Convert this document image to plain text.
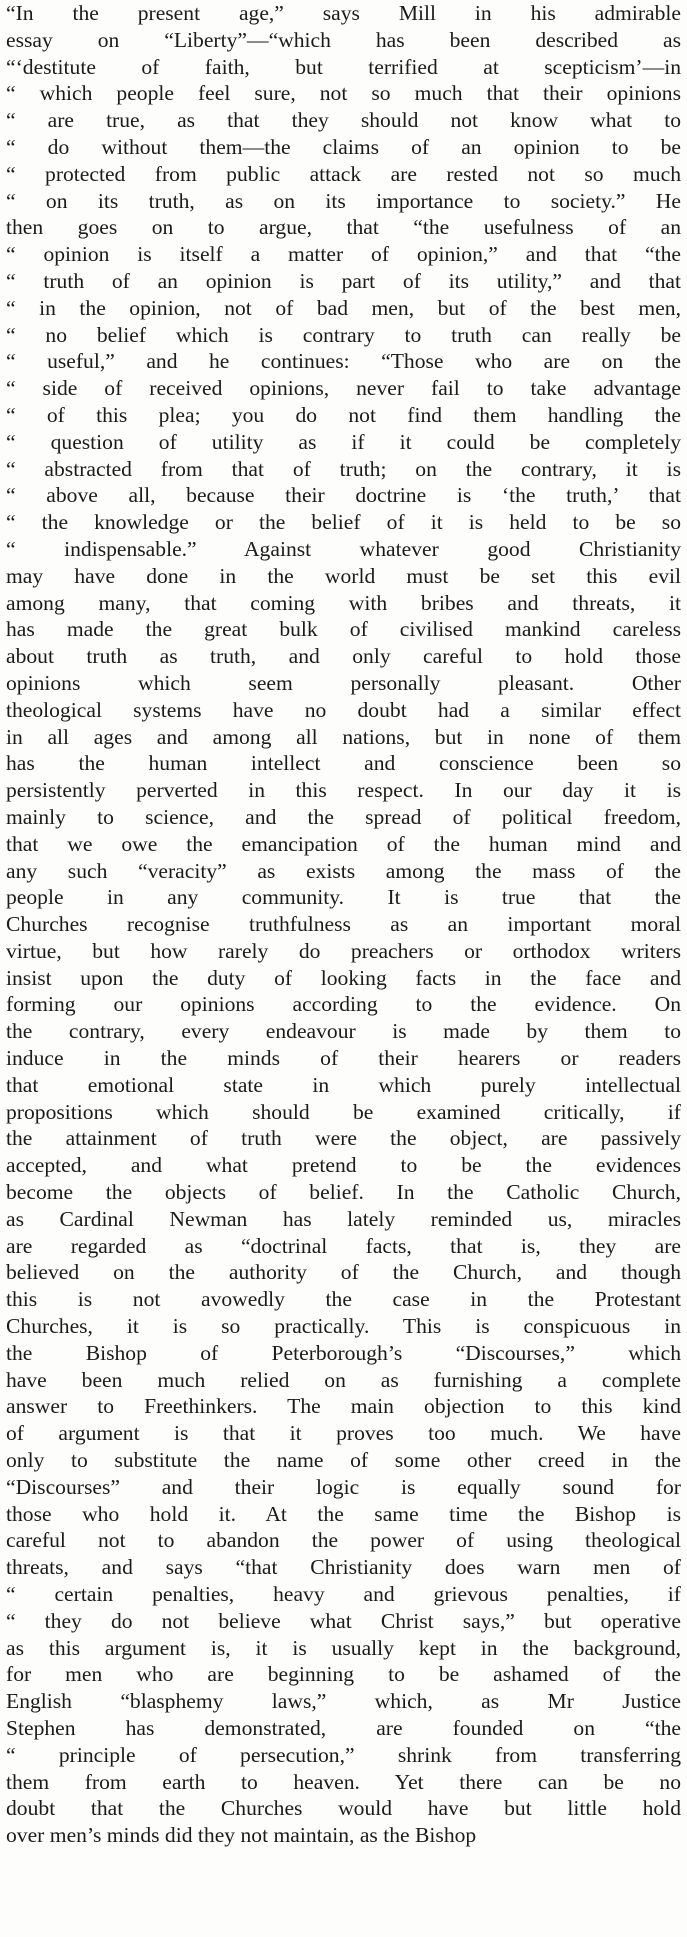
“In the present age,” says Mill in his admirable
essay on “Liberty”—“which has been described as
“‘destitute of faith, but terrified at scepticism’—in
“ which people feel sure, not so much that their opinions
“ are true, as that they should not know what to
“ do without them—the claims of an opinion to be
“ protected from public attack are rested not so much
“ on its truth, as on its importance to society.” He
then goes on to argue, that “the usefulness of an
“ opinion is itself a matter of opinion,” and that “the
“ truth of an opinion is part of its utility,” and that
“ in the opinion, not of bad men, but of the best men,
“ no belief which is contrary to truth can really be
“ useful,” and he continues: “Those who are on the
“ side of received opinions, never fail to take advantage
“ of this plea; you do not find them handling the
“ question of utility as if it could be completely
“ abstracted from that of truth; on the contrary, it is
“ above all, because their doctrine is ‘the truth,’ that
“ the knowledge or the belief of it is held to be so
“ indispensable.” Against whatever good Christianity
may have done in the world must be set this evil
among many, that coming with bribes and threats, it
has made the great bulk of civilised mankind careless
about truth as truth, and only careful to hold those
opinions which seem personally pleasant. Other
theological systems have no doubt had a similar effect
in all ages and among all nations, but in none of them
has the human intellect and conscience been so
persistently perverted in this respect. In our day it is
mainly to science, and the spread of political freedom,
that we owe the emancipation of the human mind and
any such “veracity” as exists among the mass of the
people in any community. It is true that the
Churches recognise truthfulness as an important moral
virtue, but how rarely do preachers or orthodox writers
insist upon the duty of looking facts in the face and
forming our opinions according to the evidence. On
the contrary, every endeavour is made by them to
induce in the minds of their hearers or readers
that emotional state in which purely intellectual
propositions which should be examined critically, if
the attainment of truth were the object, are passively
accepted, and what pretend to be the evidences
become the objects of belief. In the Catholic Church,
as Cardinal Newman has lately reminded us, miracles
are regarded as “doctrinal facts, that is, they are
believed on the authority of the Church, and though
this is not avowedly the case in the Protestant
Churches, it is so practically. This is conspicuous in
the Bishop of Peterborough’s “Discourses,” which
have been much relied on as furnishing a complete
answer to Freethinkers. The main objection to this kind
of argument is that it proves too much. We have
only to substitute the name of some other creed in the
“Discourses” and their logic is equally sound for
those who hold it. At the same time the Bishop is
careful not to abandon the power of using theological
threats, and says “that Christianity does warn men of
“ certain penalties, heavy and grievous penalties, if
“ they do not believe what Christ says,” but operative
as this argument is, it is usually kept in the background,
for men who are beginning to be ashamed of the
English “blasphemy laws,” which, as Mr Justice
Stephen has demonstrated, are founded on “the
“ principle of persecution,” shrink from transferring
them from earth to heaven. Yet there can be no
doubt that the Churches would have but little hold
over men’s minds did they not maintain, as the Bishop
